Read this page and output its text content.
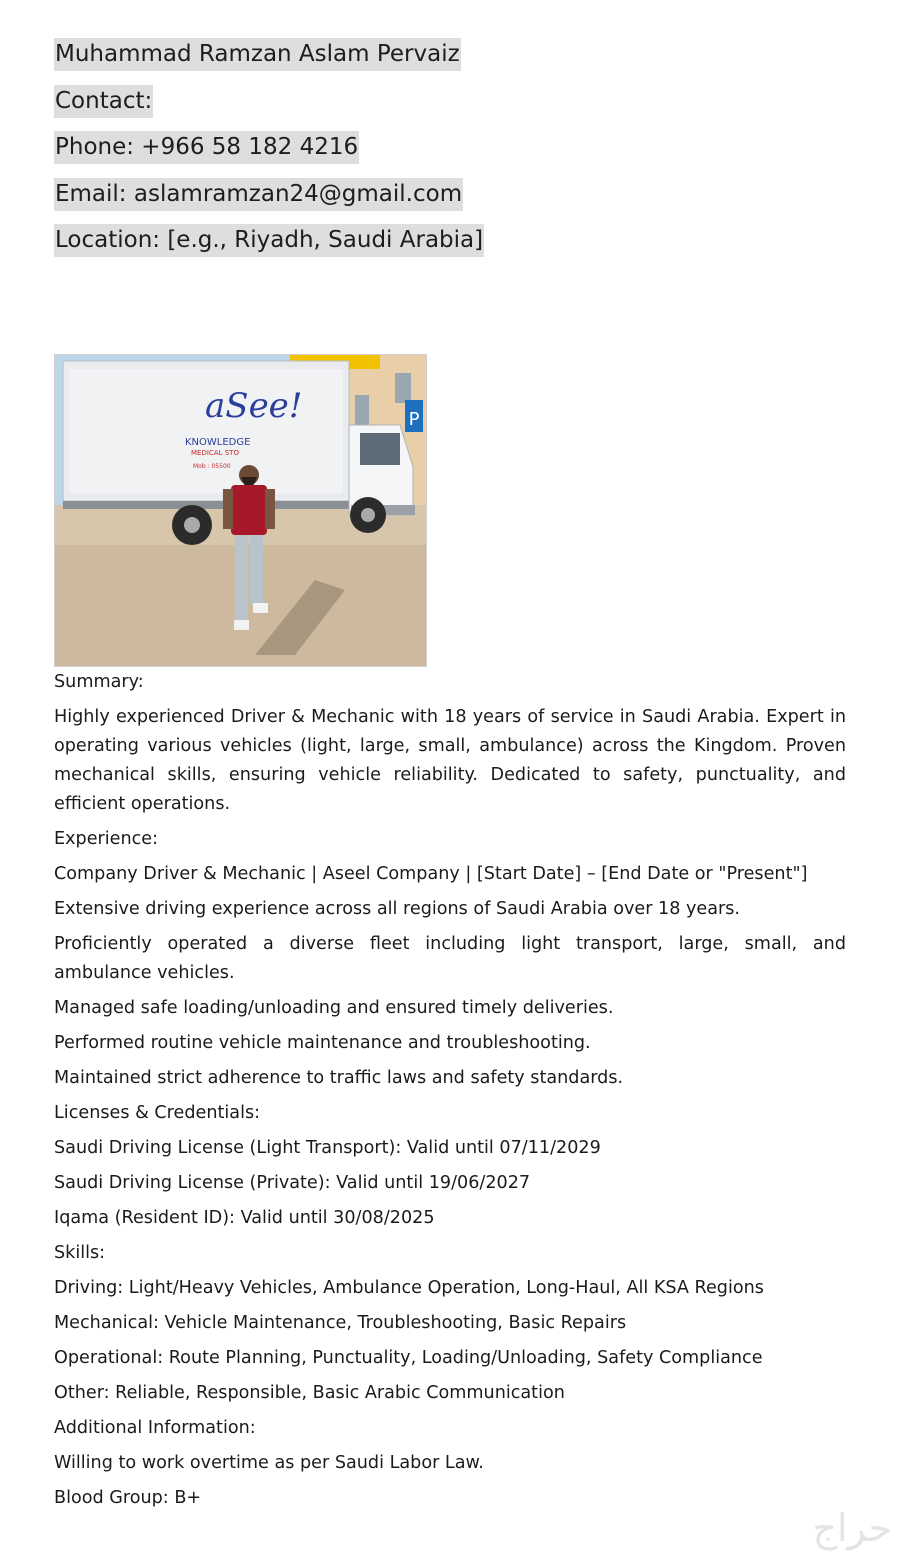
Muhammad Ramzan Aslam Pervaiz
Contact:
Phone: +966 58 182 4216
Email: aslamramzan24@gmail.com
Location: [e.g., Riyadh, Saudi Arabia]
P
aSee!
KNOWLEDGE
MEDICAL STO
Mob : 05500

Summary:

Highly experienced Driver & Mechanic with 18 years of service in Saudi Arabia. Expert in operating various vehicles (light, large, small, ambulance) across the Kingdom. Proven mechanical skills, ensuring vehicle reliability. Dedicated to safety, punctuality, and efficient operations.

Experience:

Company Driver & Mechanic | Aseel Company | [Start Date] – [End Date or "Present"]

Extensive driving experience across all regions of Saudi Arabia over 18 years.

Proficiently operated a diverse fleet including light transport, large, small, and ambulance vehicles.

Managed safe loading/unloading and ensured timely deliveries.

Performed routine vehicle maintenance and troubleshooting.

Maintained strict adherence to traffic laws and safety standards.

Licenses & Credentials:

Saudi Driving License (Light Transport): Valid until 07/11/2029

Saudi Driving License (Private): Valid until 19/06/2027

Iqama (Resident ID): Valid until 30/08/2025

Skills:

Driving: Light/Heavy Vehicles, Ambulance Operation, Long-Haul, All KSA Regions

Mechanical: Vehicle Maintenance, Troubleshooting, Basic Repairs

Operational: Route Planning, Punctuality, Loading/Unloading, Safety Compliance

Other: Reliable, Responsible, Basic Arabic Communication

Additional Information:

Willing to work overtime as per Saudi Labor Law.

Blood Group: B+

حراج
